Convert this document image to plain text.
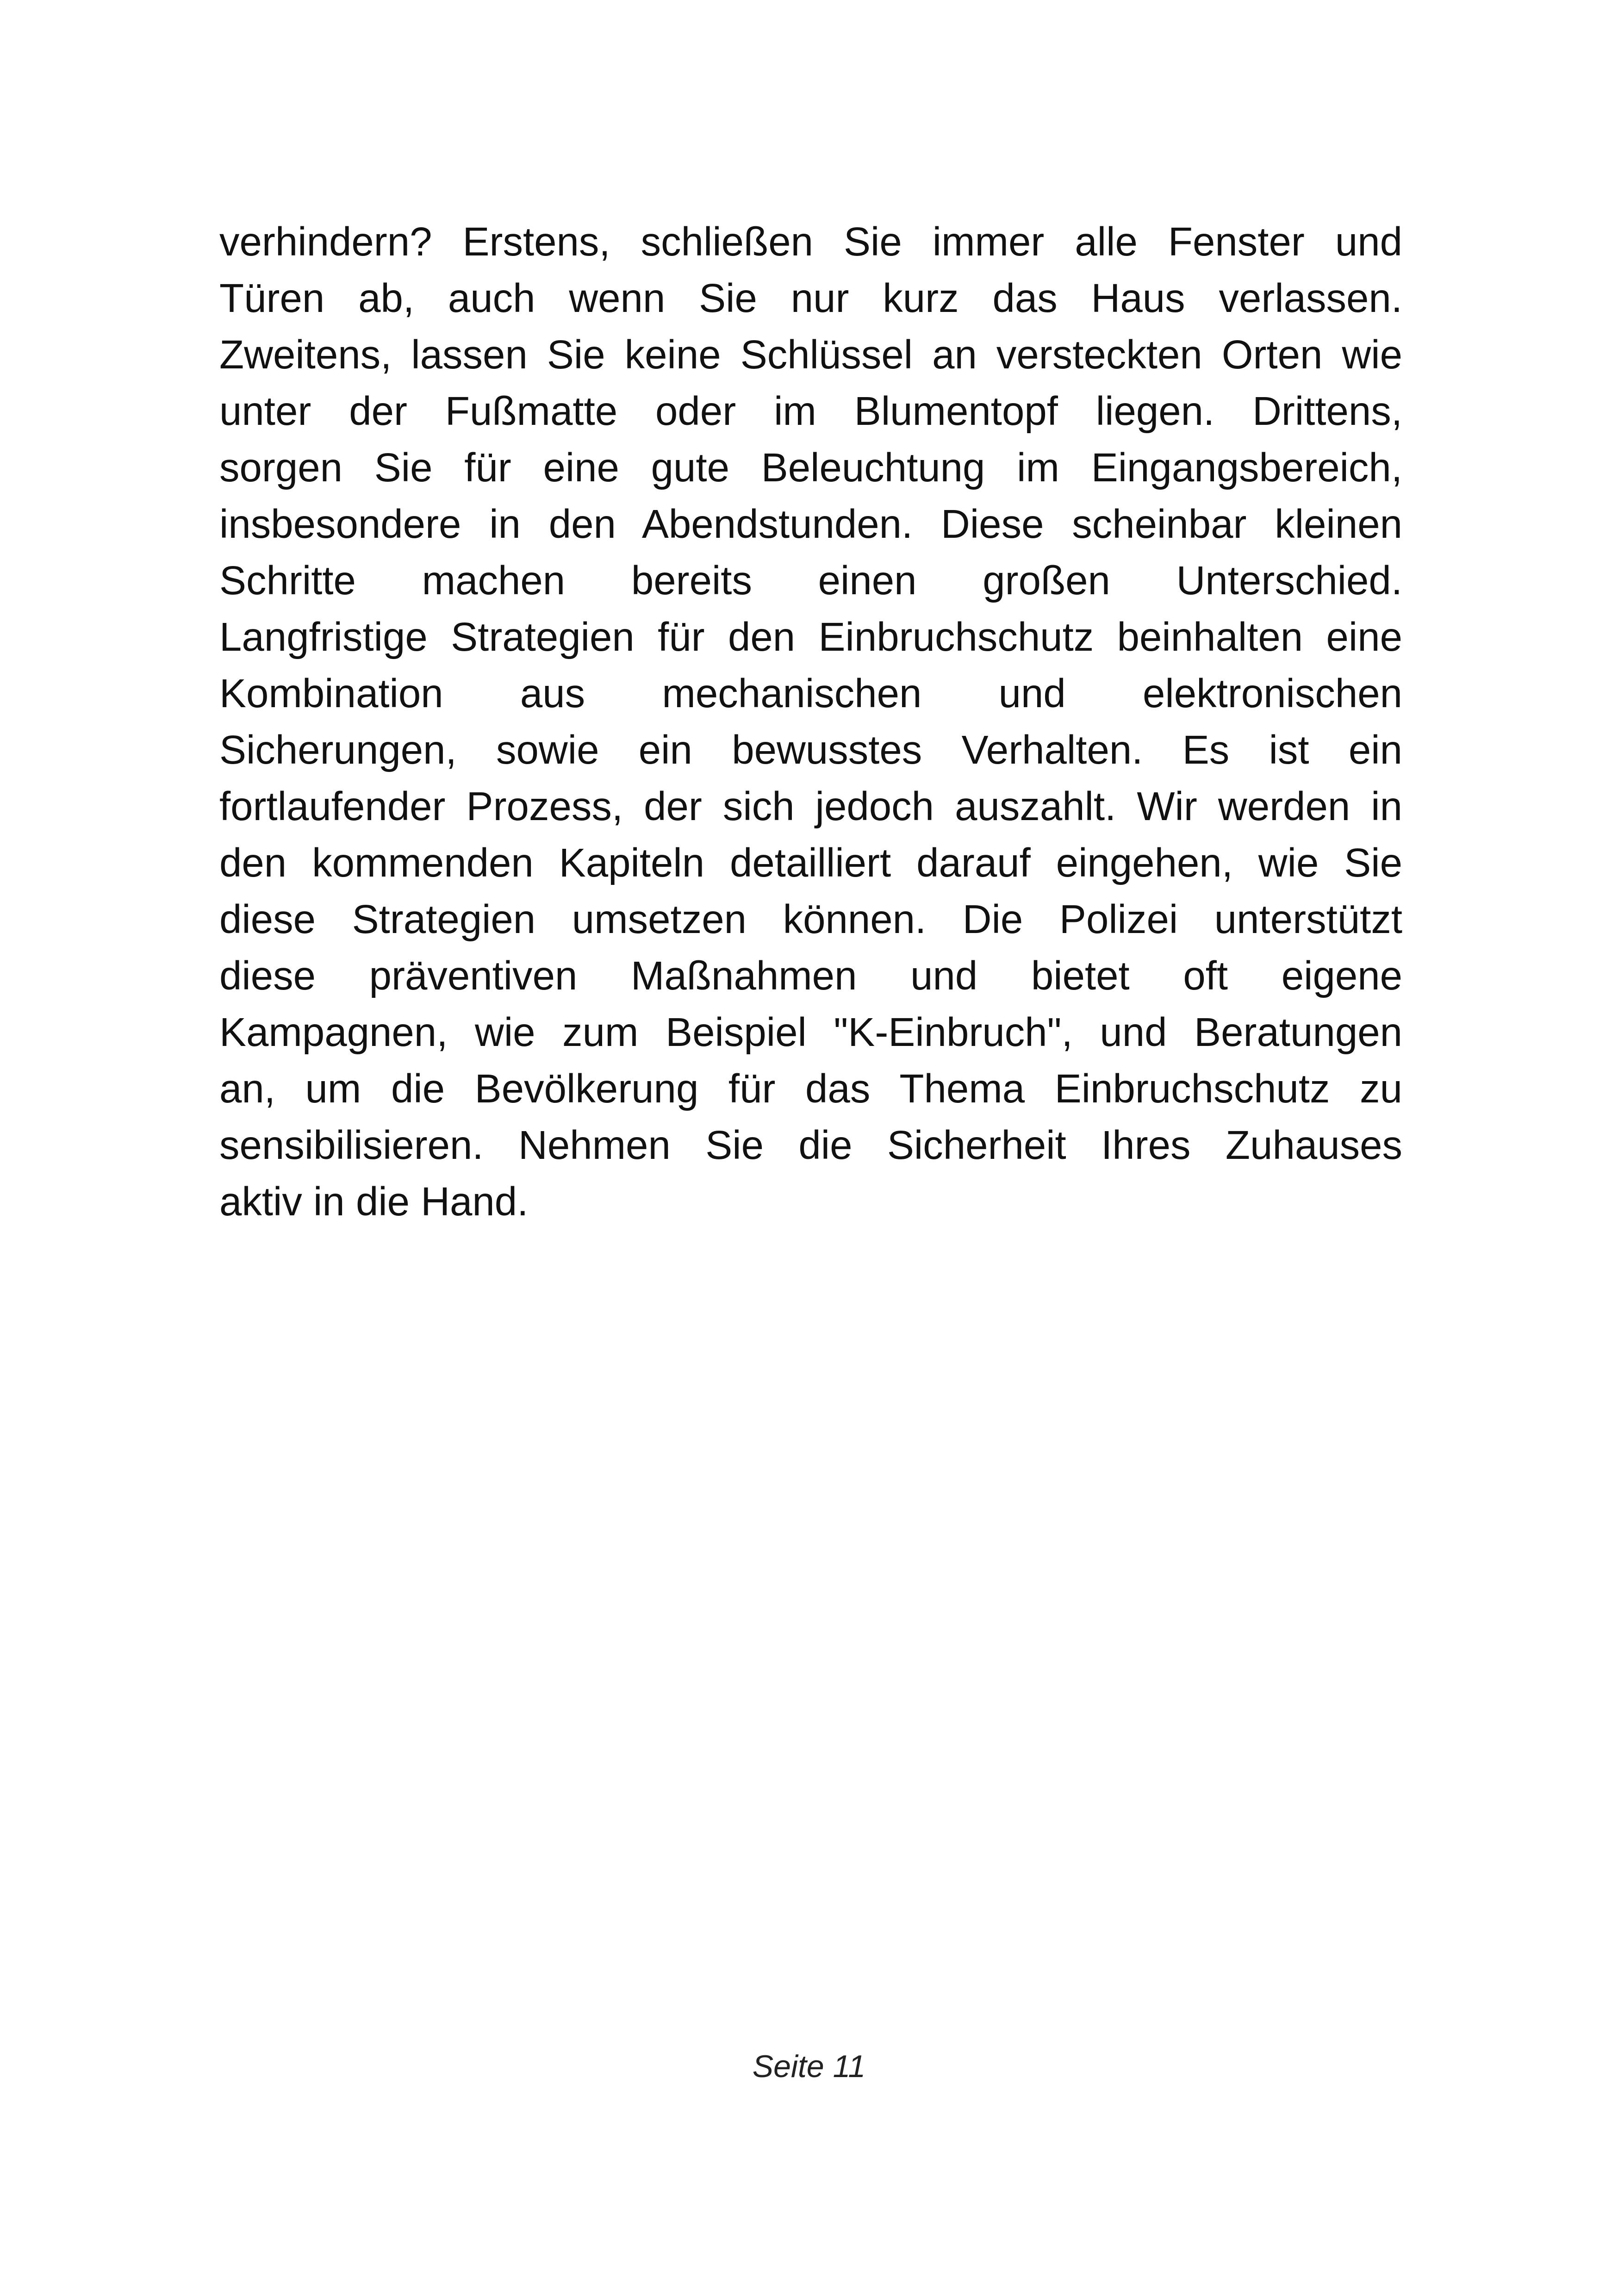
verhindern? Erstens, schließen Sie immer alle Fenster und
Türen ab, auch wenn Sie nur kurz das Haus verlassen.
Zweitens, lassen Sie keine Schlüssel an versteckten Orten wie
unter der Fußmatte oder im Blumentopf liegen. Drittens,
sorgen Sie für eine gute Beleuchtung im Eingangsbereich,
insbesondere in den Abendstunden. Diese scheinbar kleinen
Schritte machen bereits einen großen Unterschied.
Langfristige Strategien für den Einbruchschutz beinhalten eine
Kombination aus mechanischen und elektronischen
Sicherungen, sowie ein bewusstes Verhalten. Es ist ein
fortlaufender Prozess, der sich jedoch auszahlt. Wir werden in
den kommenden Kapiteln detailliert darauf eingehen, wie Sie
diese Strategien umsetzen können. Die Polizei unterstützt
diese präventiven Maßnahmen und bietet oft eigene
Kampagnen, wie zum Beispiel "K-Einbruch", und Beratungen
an, um die Bevölkerung für das Thema Einbruchschutz zu
sensibilisieren. Nehmen Sie die Sicherheit Ihres Zuhauses
aktiv in die Hand.
Seite 11
